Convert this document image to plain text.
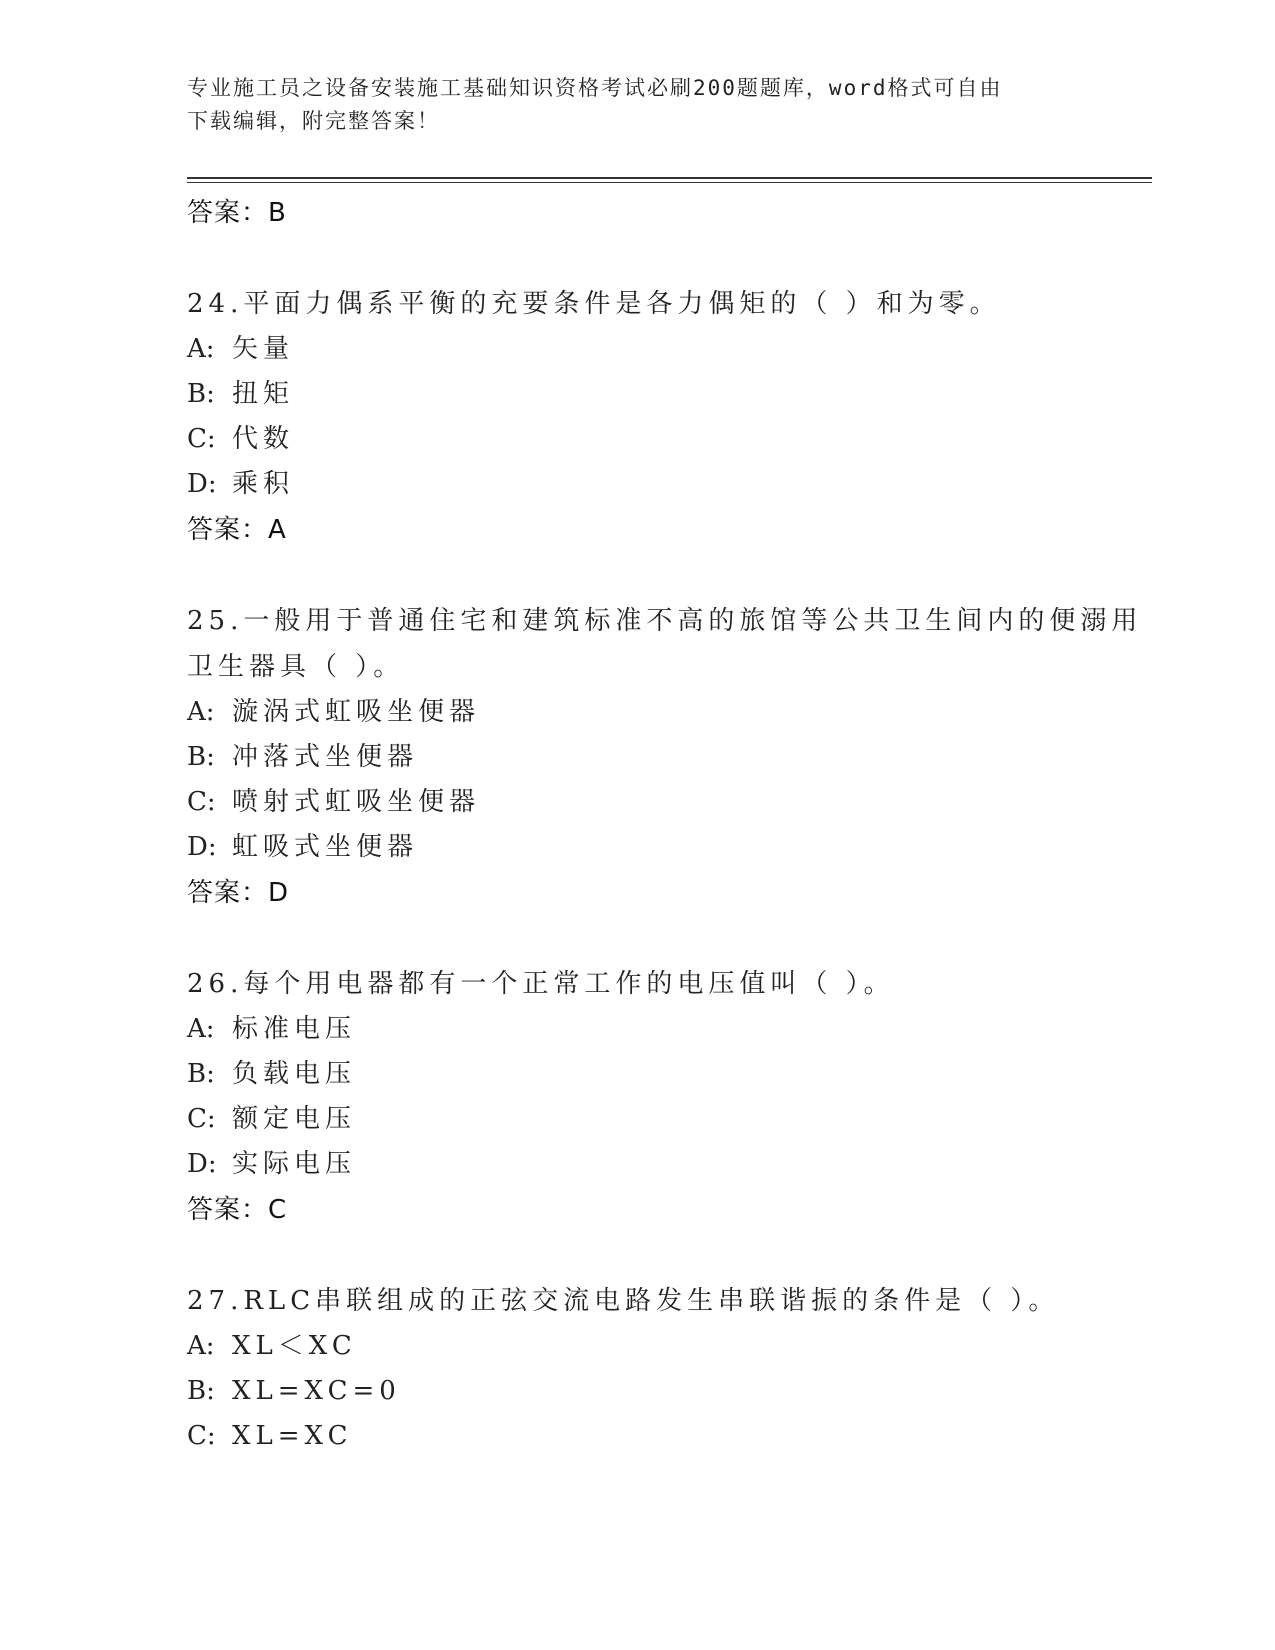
专业施工员之设备安装施工基础知识资格考试必刷200题题库，word格式可自由
下载编辑，附完整答案！
答案：B
24.平面力偶系平衡的充要条件是各力偶矩的（ ）和为零。
A: 矢量
B: 扭矩
C: 代数
D: 乘积
答案：A
25.一般用于普通住宅和建筑标准不高的旅馆等公共卫生间内的便溺用卫生器具（ ）。
A: 漩涡式虹吸坐便器
B: 冲落式坐便器
C: 喷射式虹吸坐便器
D: 虹吸式坐便器
答案：D
26.每个用电器都有一个正常工作的电压值叫（ ）。
A: 标准电压
B: 负载电压
C: 额定电压
D: 实际电压
答案：C
27.RLC串联组成的正弦交流电路发生串联谐振的条件是（ ）。
A: XL＜XC
B: XL=XC=0
C: XL=XC
